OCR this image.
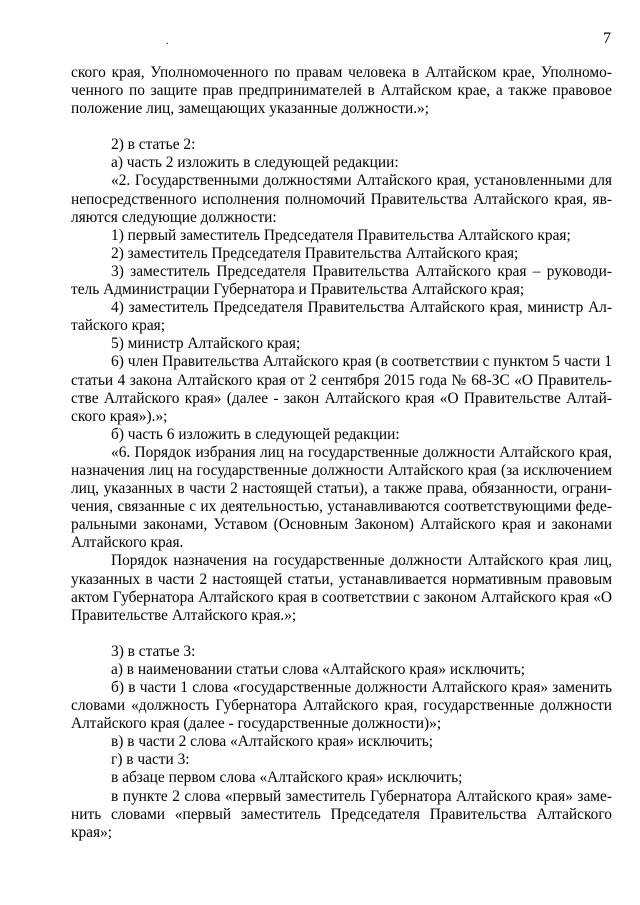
.	7
ского края, Уполномоченного по правам человека в Алтайском крае, Уполномо-
ченного по защите прав предпринимателей в Алтайском крае, а также правовое
положение лиц, замещающих указанные должности.»;
2) в статье 2:
а) часть 2 изложить в следующей редакции:
«2. Государственными должностями Алтайского края, установленными для
непосредственного исполнения полномочий Правительства Алтайского края, яв-
ляются следующие должности:
1) первый заместитель Председателя Правительства Алтайского края;
2) заместитель Председателя Правительства Алтайского края;
3) заместитель Председателя Правительства Алтайского края – руководи-
тель Администрации Губернатора и Правительства Алтайского края;
4) заместитель Председателя Правительства Алтайского края, министр Ал-
тайского края;
5) министр Алтайского края;
6) член Правительства Алтайского края (в соответствии с пунктом 5 части 1
статьи 4 закона Алтайского края от 2 сентября 2015 года № 68-ЗС «О Правитель-
стве Алтайского края» (далее - закон Алтайского края «О Правительстве Алтай-
ского края»).»;
б) часть 6 изложить в следующей редакции:
«6. Порядок избрания лиц на государственные должности Алтайского края,
назначения лиц на государственные должности Алтайского края (за исключением
лиц, указанных в части 2 настоящей статьи), а также права, обязанности, ограни-
чения, связанные с их деятельностью, устанавливаются соответствующими феде-
ральными законами, Уставом (Основным Законом) Алтайского края и законами
Алтайского края.
Порядок назначения на государственные должности Алтайского края лиц,
указанных в части 2 настоящей статьи, устанавливается нормативным правовым
актом Губернатора Алтайского края в соответствии с законом Алтайского края «О
Правительстве Алтайского края.»;
3) в статье 3:
а) в наименовании статьи слова «Алтайского края» исключить;
б) в части 1 слова «государственные должности Алтайского края» заменить
словами «должность Губернатора Алтайского края, государственные должности
Алтайского края (далее - государственные должности)»;
в) в части 2 слова «Алтайского края» исключить;
г) в части 3:
в абзаце первом слова «Алтайского края» исключить;
в пункте 2 слова «первый заместитель Губернатора Алтайского края» заме-
нить словами «первый заместитель Председателя Правительства Алтайского
края»;
